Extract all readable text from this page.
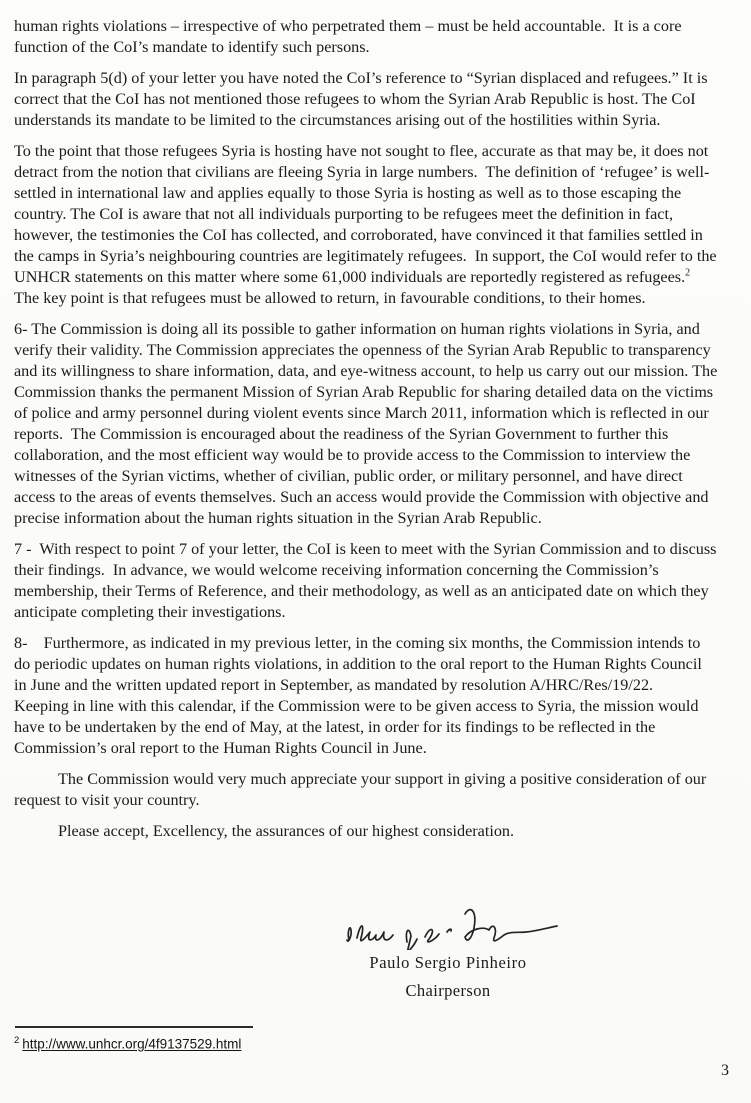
human rights violations – irrespective of who perpetrated them – must be held accountable.  It is a core function of the CoI’s mandate to identify such persons.

In paragraph 5(d) of your letter you have noted the CoI’s reference to “Syrian displaced and refugees.” It is correct that the CoI has not mentioned those refugees to whom the Syrian Arab Republic is host. The CoI understands its mandate to be limited to the circumstances arising out of the hostilities within Syria.

To the point that those refugees Syria is hosting have not sought to flee, accurate as that may be, it does not detract from the notion that civilians are fleeing Syria in large numbers.  The definition of ‘refugee’ is well-settled in international law and applies equally to those Syria is hosting as well as to those escaping the country. The CoI is aware that not all individuals purporting to be refugees meet the definition in fact, however, the testimonies the CoI has collected, and corroborated, have convinced it that families settled in the camps in Syria’s neighbouring countries are legitimately refugees.  In support, the CoI would refer to the UNHCR statements on this matter where some 61,000 individuals are reportedly registered as refugees.$^2$ The key point is that refugees must be allowed to return, in favourable conditions, to their homes.

6- The Commission is doing all its possible to gather information on human rights violations in Syria, and verify their validity. The Commission appreciates the openness of the Syrian Arab Republic to transparency and its willingness to share information, data, and eye-witness account, to help us carry out our mission. The Commission thanks the permanent Mission of Syrian Arab Republic for sharing detailed data on the victims of police and army personnel during violent events since March 2011, information which is reflected in our reports.  The Commission is encouraged about the readiness of the Syrian Government to further this collaboration, and the most efficient way would be to provide access to the Commission to interview the witnesses of the Syrian victims, whether of civilian, public order, or military personnel, and have direct access to the areas of events themselves. Such an access would provide the Commission with objective and precise information about the human rights situation in the Syrian Arab Republic.

7 -  With respect to point 7 of your letter, the CoI is keen to meet with the Syrian Commission and to discuss their findings.  In advance, we would welcome receiving information concerning the Commission’s membership, their Terms of Reference, and their methodology, as well as an anticipated date on which they anticipate completing their investigations.

8-    Furthermore, as indicated in my previous letter, in the coming six months, the Commission intends to do periodic updates on human rights violations, in addition to the oral report to the Human Rights Council in June and the written updated report in September, as mandated by resolution A/HRC/Res/19/22.   Keeping in line with this calendar, if the Commission were to be given access to Syria, the mission would have to be undertaken by the end of May, at the latest, in order for its findings to be reflected in the Commission’s oral report to the Human Rights Council in June.

The Commission would very much appreciate your support in giving a positive consideration of our request to visit your country.

Please accept, Excellency, the assurances of our highest consideration.

Paulo Sergio Pinheiro
Chairperson
$^2$ http://www.unhcr.org/4f9137529.html
3
